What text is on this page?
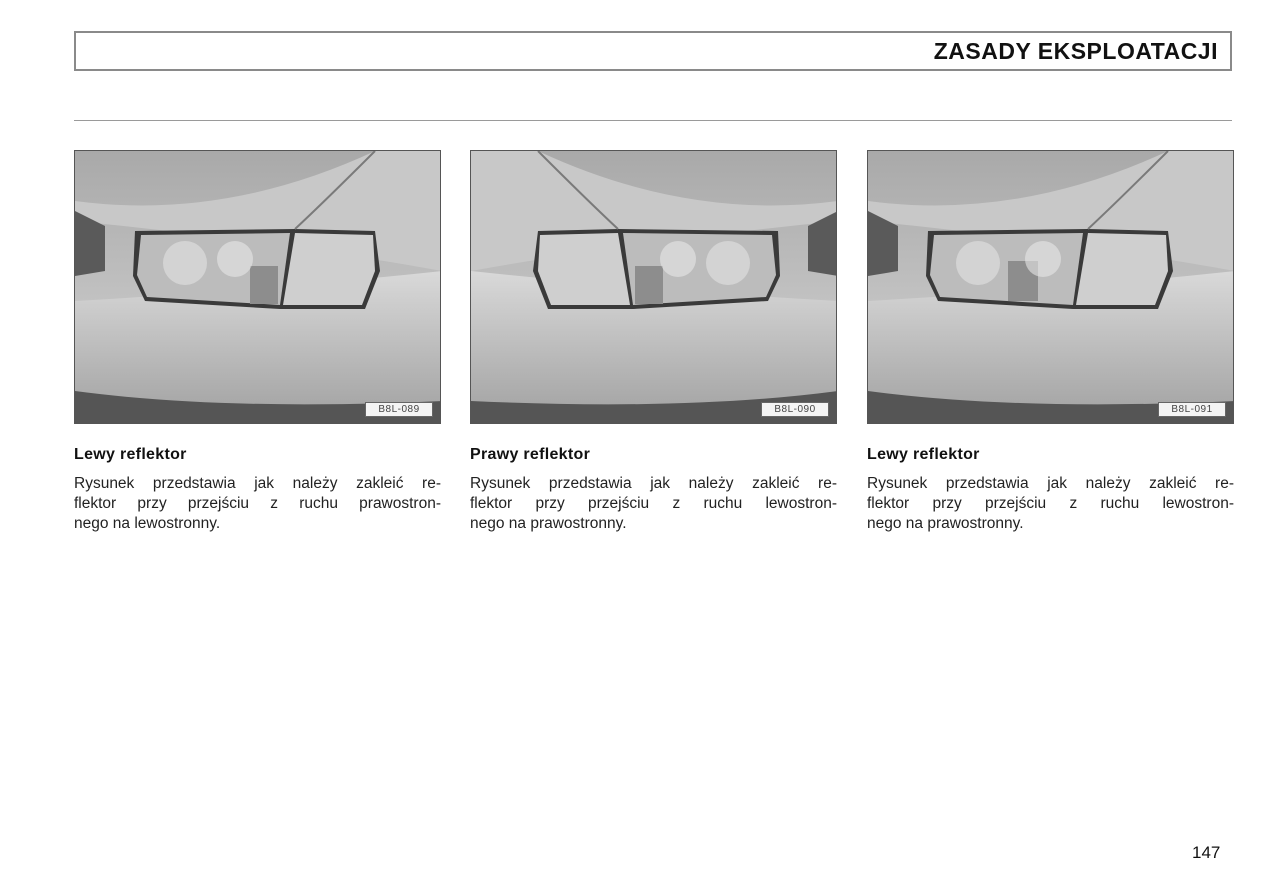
ZASADY EKSPLOATACJI
B8L-089
Lewy reflektor
Rysunek przedstawia jak należy zakleić re-
flektor przy przejściu z ruchu prawostron-
nego na lewostronny.
B8L-090
Prawy reflektor
Rysunek przedstawia jak należy zakleić re-
flektor przy przejściu z ruchu lewostron-
nego na prawostronny.
B8L-091
Lewy reflektor
Rysunek przedstawia jak należy zakleić re-
flektor przy przejściu z ruchu lewostron-
nego na prawostronny.
147
